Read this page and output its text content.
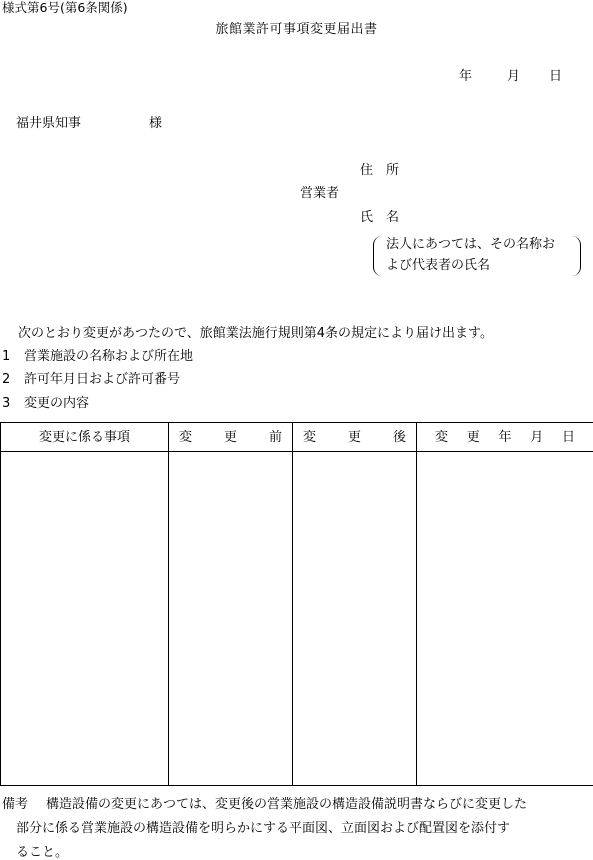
様式第6号(第6条関係)
旅館業許可事項変更届出書
年	月 日
福井県知事	様
住　所
営業者
氏　名
法人にあつては、その名称お
よび代表者の氏名
次のとおり変更があつたので、旅館業法施行規則第4条の規定により届け出ます。
1 営業施設の名称および所在地
2 許可年月日および許可番号
3 変更の内容
変更に係る事項	変 更 前	変 更 後	変 更 年 月 日

備考 構造設備の変更にあつては、変更後の営業施設の構造設備説明書ならびに変更した
部分に係る営業施設の構造設備を明らかにする平面図、立面図および配置図を添付す
ること。
